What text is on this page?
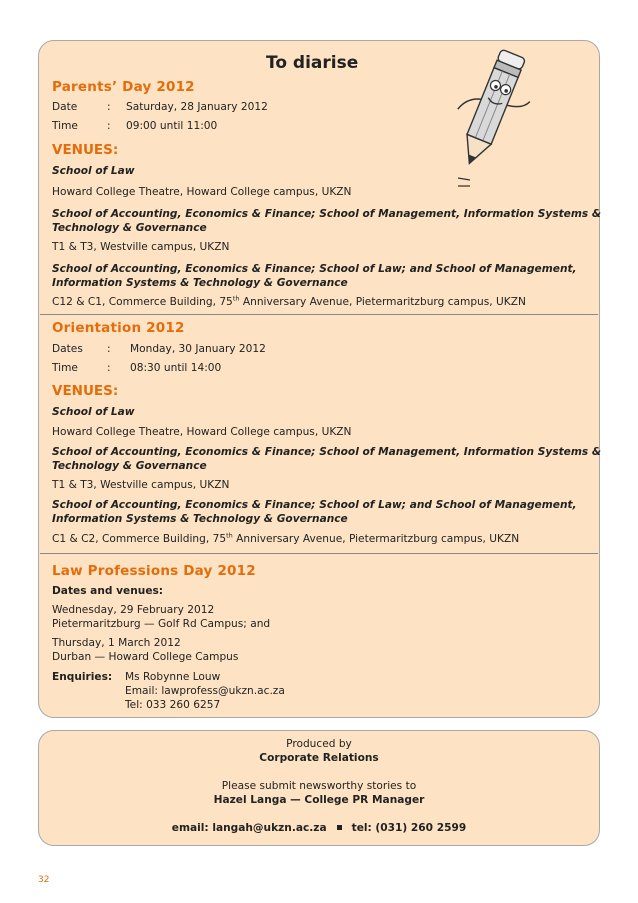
To diarise
Parents’ Day 2012
Date	: Saturday, 28 January 2012
Time	: 09:00 until 11:00
VENUES:
School of Law
Howard College Theatre, Howard College campus, UKZN
School of Accounting, Economics & Finance; School of Management, Information Systems &
Technology & Governance
T1 & T3, Westville campus, UKZN
School of Accounting, Economics & Finance; School of Law; and School of Management,
Information Systems & Technology & Governance
C12 & C1, Commerce Building, 75th Anniversary Avenue, Pietermaritzburg campus, UKZN
Orientation 2012
Dates : Monday, 30 January 2012
Time	: 08:30 until 14:00
VENUES:
School of Law
Howard College Theatre, Howard College campus, UKZN
School of Accounting, Economics & Finance; School of Management, Information Systems &
Technology & Governance
T1 & T3, Westville campus, UKZN
School of Accounting, Economics & Finance; School of Law; and School of Management,
Information Systems & Technology & Governance
C1 & C2, Commerce Building, 75th Anniversary Avenue, Pietermaritzburg campus, UKZN
Law Professions Day 2012
Dates and venues:
Wednesday, 29 February 2012
Pietermaritzburg — Golf Rd Campus; and
Thursday, 1 March 2012
Durban — Howard College Campus
Enquiries: Ms Robynne Louw
Email: lawprofess@ukzn.ac.za
Tel: 033 260 6257
Produced by
Corporate Relations
Please submit newsworthy stories to
Hazel Langa — College PR Manager
email: langah@ukzn.ac.za tel: (031) 260 2599
32
